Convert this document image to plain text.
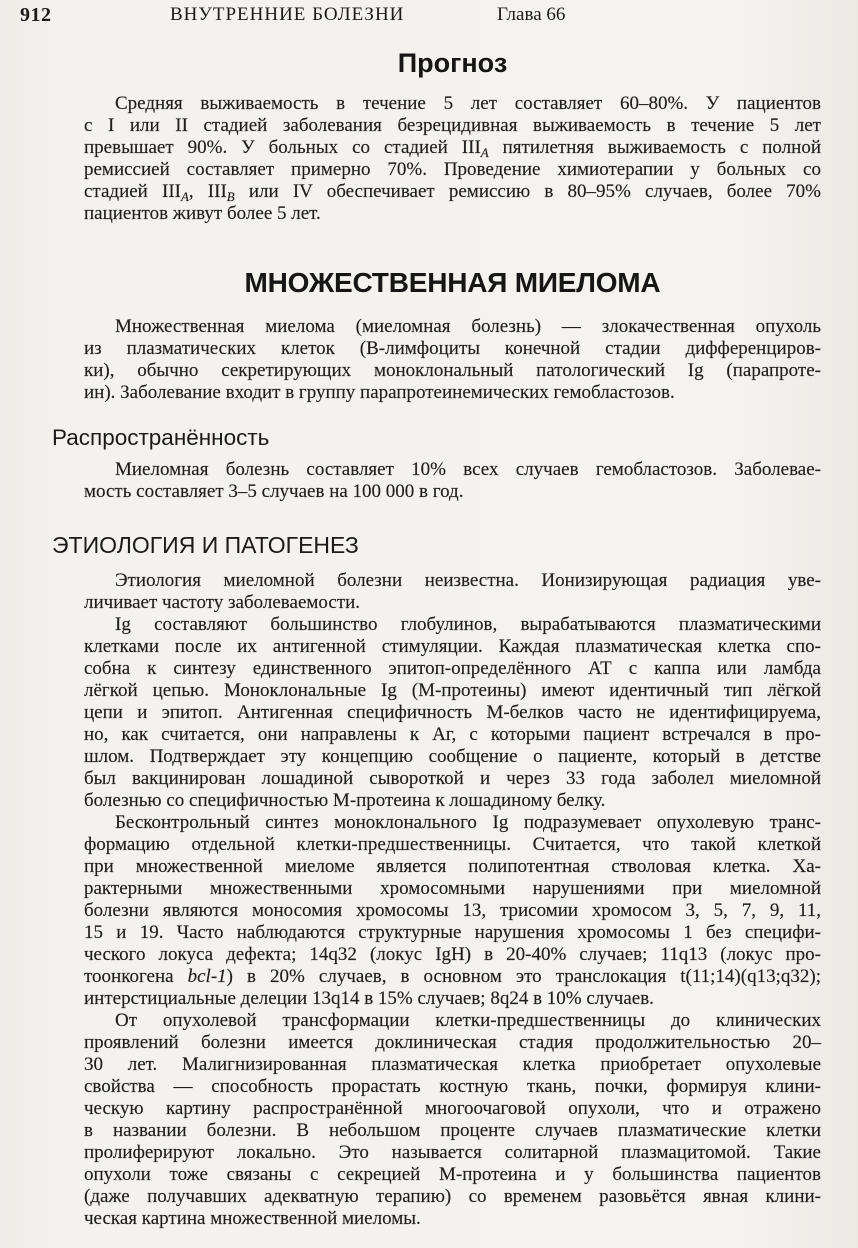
912	ВНУТРЕННИЕ БОЛЕЗНИ	Глава 66
Прогноз
Средняя выживаемость в течение 5 лет составляет 60–80%. У пациентов
с I или II стадией заболевания безрецидивная выживаемость в течение 5 лет
превышает 90%. У больных со стадией $III_A$ пятилетняя выживаемость с полной
ремиссией составляет примерно 70%. Проведение химиотерапии у больных со
стадией $III_A$, $III_B$ или IV обеспечивает ремиссию в 80–95% случаев, более 70%
пациентов живут более 5 лет.
МНОЖЕСТВЕННАЯ МИЕЛОМА
Множественная миелома (миеломная болезнь) — злокачественная опухоль
из плазматических клеток (В-лимфоциты конечной стадии дифференциров-
ки), обычно секретирующих моноклональный патологический Ig (парапроте-
ин). Заболевание входит в группу парапротеинемических гемобластозов.
Распространённость
Миеломная болезнь составляет 10% всех случаев гемобластозов. Заболевае-
мость составляет 3–5 случаев на 100 000 в год.
ЭТИОЛОГИЯ И ПАТОГЕНЕЗ
Этиология миеломной болезни неизвестна. Ионизирующая радиация уве-
личивает частоту заболеваемости.
Ig составляют большинство глобулинов, вырабатываются плазматическими
клетками после их антигенной стимуляции. Каждая плазматическая клетка спо-
собна к синтезу единственного эпитоп-определённого АТ с каппа или ламбда
лёгкой цепью. Моноклональные Ig (М-протеины) имеют идентичный тип лёгкой
цепи и эпитоп. Антигенная специфичность М-белков часто не идентифицируема,
но, как считается, они направлены к Аг, с которыми пациент встречался в про-
шлом. Подтверждает эту концепцию сообщение о пациенте, который в детстве
был вакцинирован лошадиной сывороткой и через 33 года заболел миеломной
болезнью со специфичностью М-протеина к лошадиному белку.
Бесконтрольный синтез моноклонального Ig подразумевает опухолевую транс-
формацию отдельной клетки-предшественницы. Считается, что такой клеткой
при множественной миеломе является полипотентная стволовая клетка. Ха-
рактерными множественными хромосомными нарушениями при миеломной
болезни являются моносомия хромосомы 13, трисомии хромосом 3, 5, 7, 9, 11,
15 и 19. Часто наблюдаются структурные нарушения хромосомы 1 без специфи-
ческого локуса дефекта; 14q32 (локус IgH) в 20-40% случаев; 11q13 (локус про-
тоонкогена bcl-1) в 20% случаев, в основном это транслокация t(11;14)(q13;q32);
интерстициальные делеции 13q14 в 15% случаев; 8q24 в 10% случаев.
От опухолевой трансформации клетки-предшественницы до клинических
проявлений болезни имеется доклиническая стадия продолжительностью 20–
30 лет. Малигнизированная плазматическая клетка приобретает опухолевые
свойства — способность прорастать костную ткань, почки, формируя клини-
ческую картину распространённой многоочаговой опухоли, что и отражено
в названии болезни. В небольшом проценте случаев плазматические клетки
пролиферируют локально. Это называется солитарной плазмацитомой. Такие
опухоли тоже связаны с секрецией М-протеина и у большинства пациентов
(даже получавших адекватную терапию) со временем разовьётся явная клини-
ческая картина множественной миеломы.
